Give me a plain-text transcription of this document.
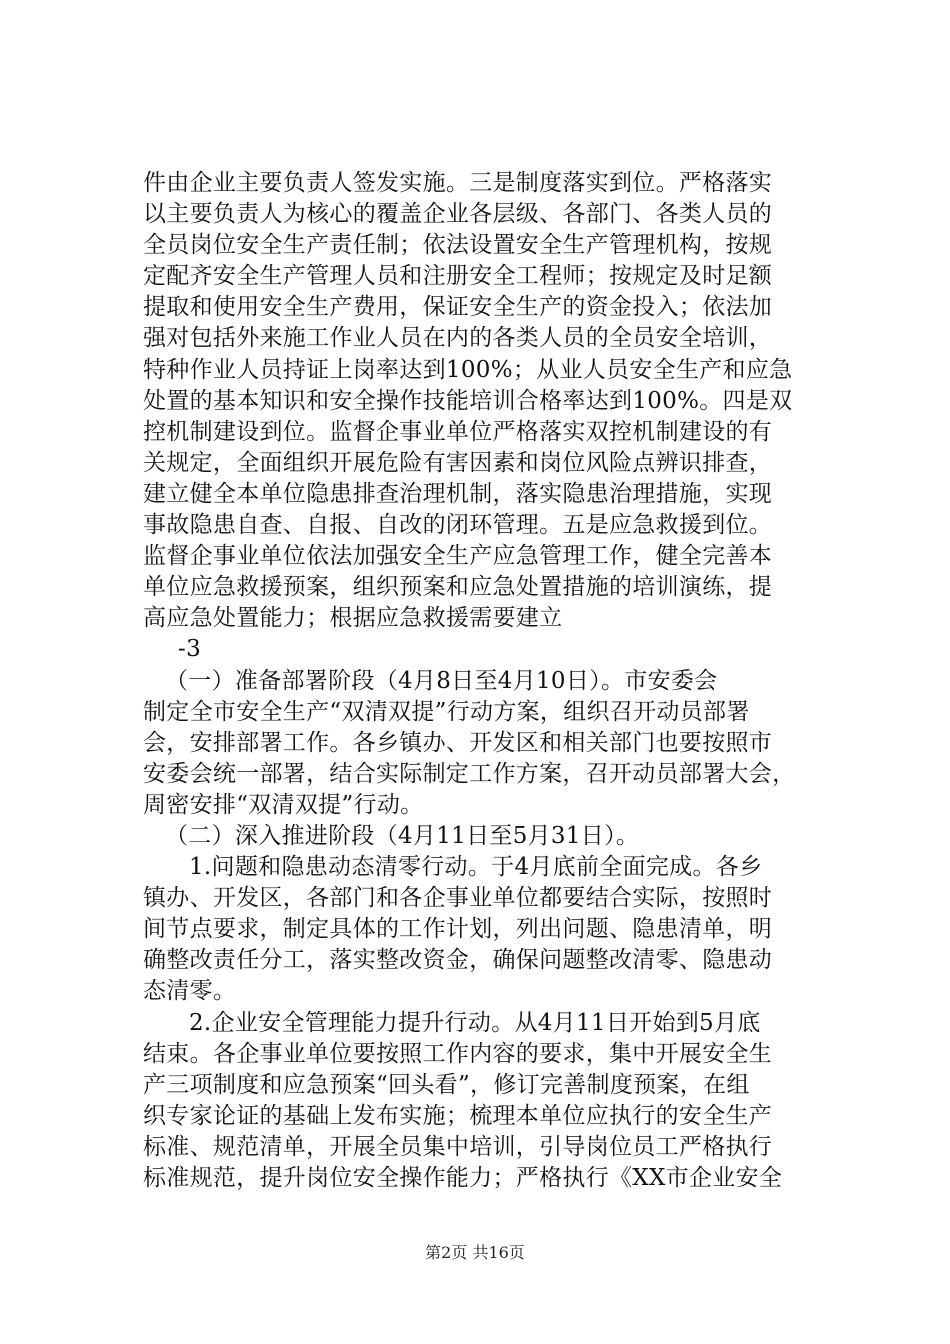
件由企业主要负责人签发实施。三是制度落实到位。严格落实
以主要负责人为核心的覆盖企业各层级、各部门、各类人员的
全员岗位安全生产责任制；依法设置安全生产管理机构，按规
定配齐安全生产管理人员和注册安全工程师；按规定及时足额
提取和使用安全生产费用，保证安全生产的资金投入；依法加
强对包括外来施工作业人员在内的各类人员的全员安全培训，
特种作业人员持证上岗率达到100%；从业人员安全生产和应急
处置的基本知识和安全操作技能培训合格率达到100%。四是双
控机制建设到位。监督企事业单位严格落实双控机制建设的有
关规定，全面组织开展危险有害因素和岗位风险点辨识排查，
建立健全本单位隐患排查治理机制，落实隐患治理措施，实现
事故隐患自查、自报、自改的闭环管理。五是应急救援到位。
监督企事业单位依法加强安全生产应急管理工作，健全完善本
单位应急救援预案，组织预案和应急处置措施的培训演练，提
高应急处置能力；根据应急救援需要建立
-3
（一）准备部署阶段（4月8日至4月10日）。市安委会
制定全市安全生产“双清双提”行动方案，组织召开动员部署
会，安排部署工作。各乡镇办、开发区和相关部门也要按照市
安委会统一部署，结合实际制定工作方案，召开动员部署大会，
周密安排“双清双提”行动。
（二）深入推进阶段（4月11日至5月31日）。
1.问题和隐患动态清零行动。于4月底前全面完成。各乡
镇办、开发区，各部门和各企事业单位都要结合实际，按照时
间节点要求，制定具体的工作计划，列出问题、隐患清单，明
确整改责任分工，落实整改资金，确保问题整改清零、隐患动
态清零。
2.企业安全管理能力提升行动。从4月11日开始到5月底
结束。各企事业单位要按照工作内容的要求，集中开展安全生
产三项制度和应急预案“回头看”，修订完善制度预案，在组
织专家论证的基础上发布实施；梳理本单位应执行的安全生产
标准、规范清单，开展全员集中培训，引导岗位员工严格执行
标准规范，提升岗位安全操作能力；严格执行《XX市企业安全
第2页 共16页
